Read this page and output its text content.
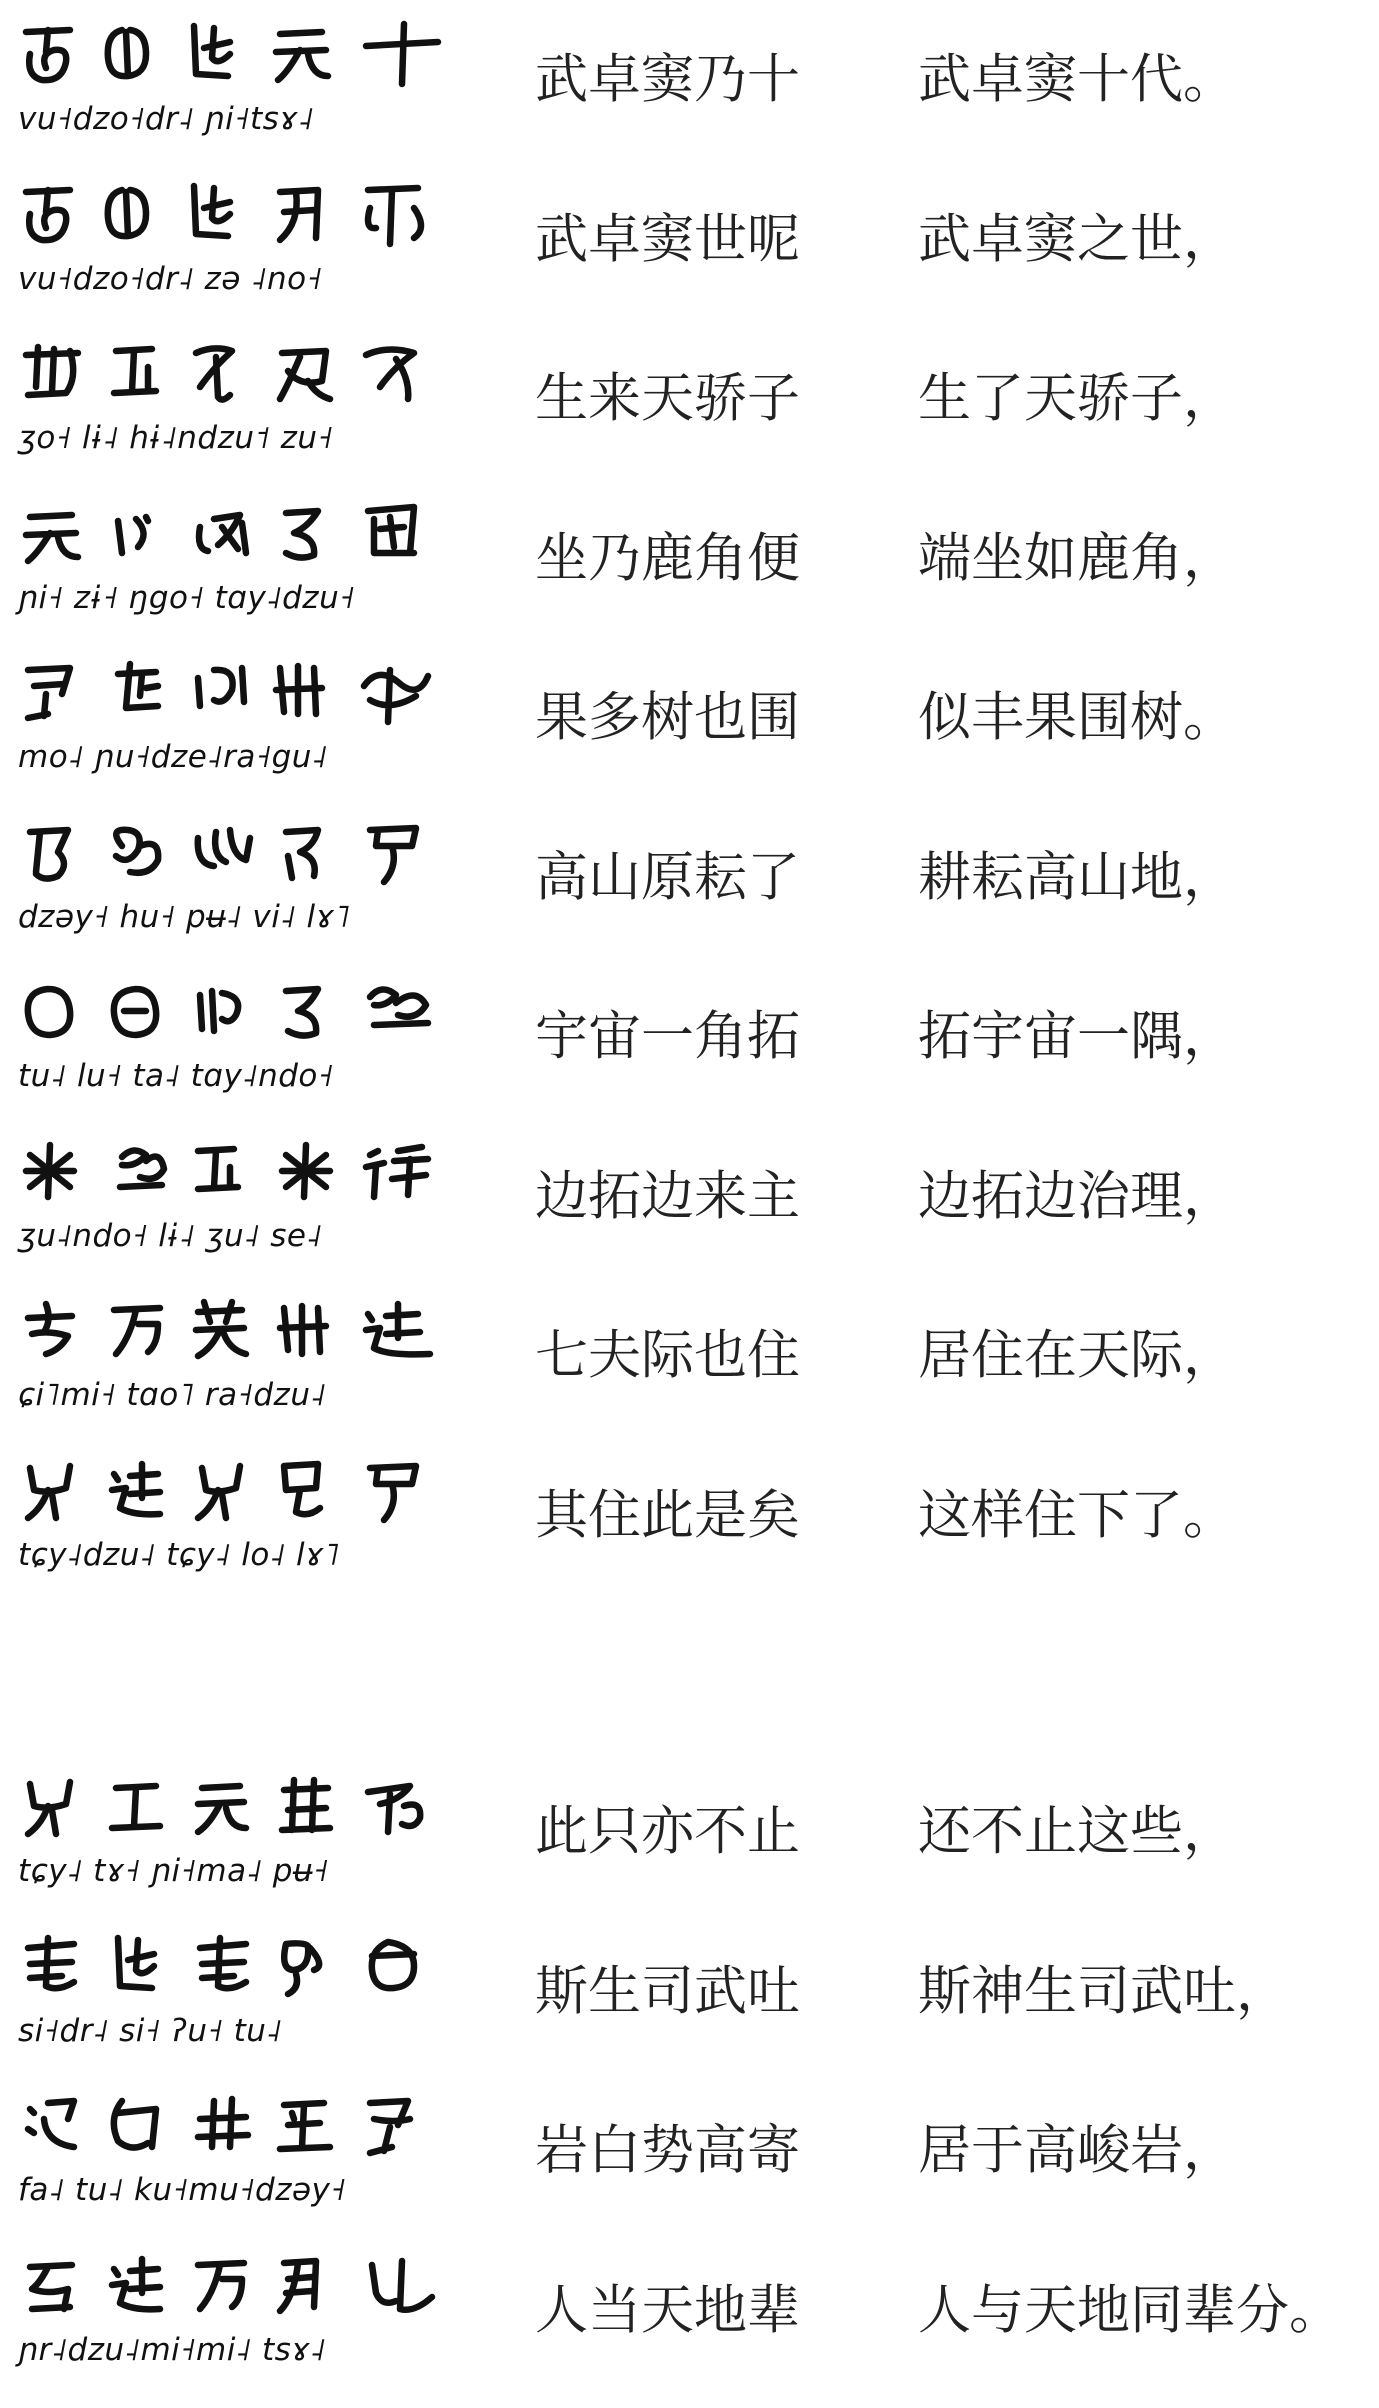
vu˧dzo˧dr˨ ɲi˧tsɤ˨
武卓窦乃十 武卓窦十代。
vu˧dzo˧dr˨ zə ˨no˧
武卓窦世呢 武卓窦之世，
ʒo˧ lɨ˨ hɨ˨ndzu˦ zu˧
生来天骄子 生了天骄子，
ɲi˧ zɨ˧ ŋgo˧ tɑy˨dzu˧
坐乃鹿角便 端坐如鹿角，
mo˨ ɲu˧dze˨ra˧gu˨
果多树也围 似丰果围树。
dzəy˧ hu˧ pʉ˨ vi˨ lɤ˥
高山原耘了 耕耘高山地，
tu˨ lu˧ ta˨ tɑy˨ndo˧
宇宙一角拓 拓宇宙一隅，
ʒu˨ndo˧ lɨ˨ ʒu˨ se˨
边拓边来主 边拓边治理，
ɕi˥mi˧ tɑo˥ ra˧dzu˨
七夫际也住 居住在天际，
tɕy˨dzu˨ tɕy˨ lo˨ lɤ˥
其住此是矣 这样住下了。
tɕy˨ tɤ˧ ɲi˧ma˨ pʉ˧
此只亦不止 还不止这些，
si˧dr˨ si˧ ʔu˧ tu˨
斯生司武吐 斯神生司武吐，
fa˨ tu˨ ku˧mu˧dzəy˧
岩白势高寄 居于高峻岩，
ɲr˨dzu˨mi˧mi˨ tsɤ˨
人当天地辈 人与天地同辈分。
